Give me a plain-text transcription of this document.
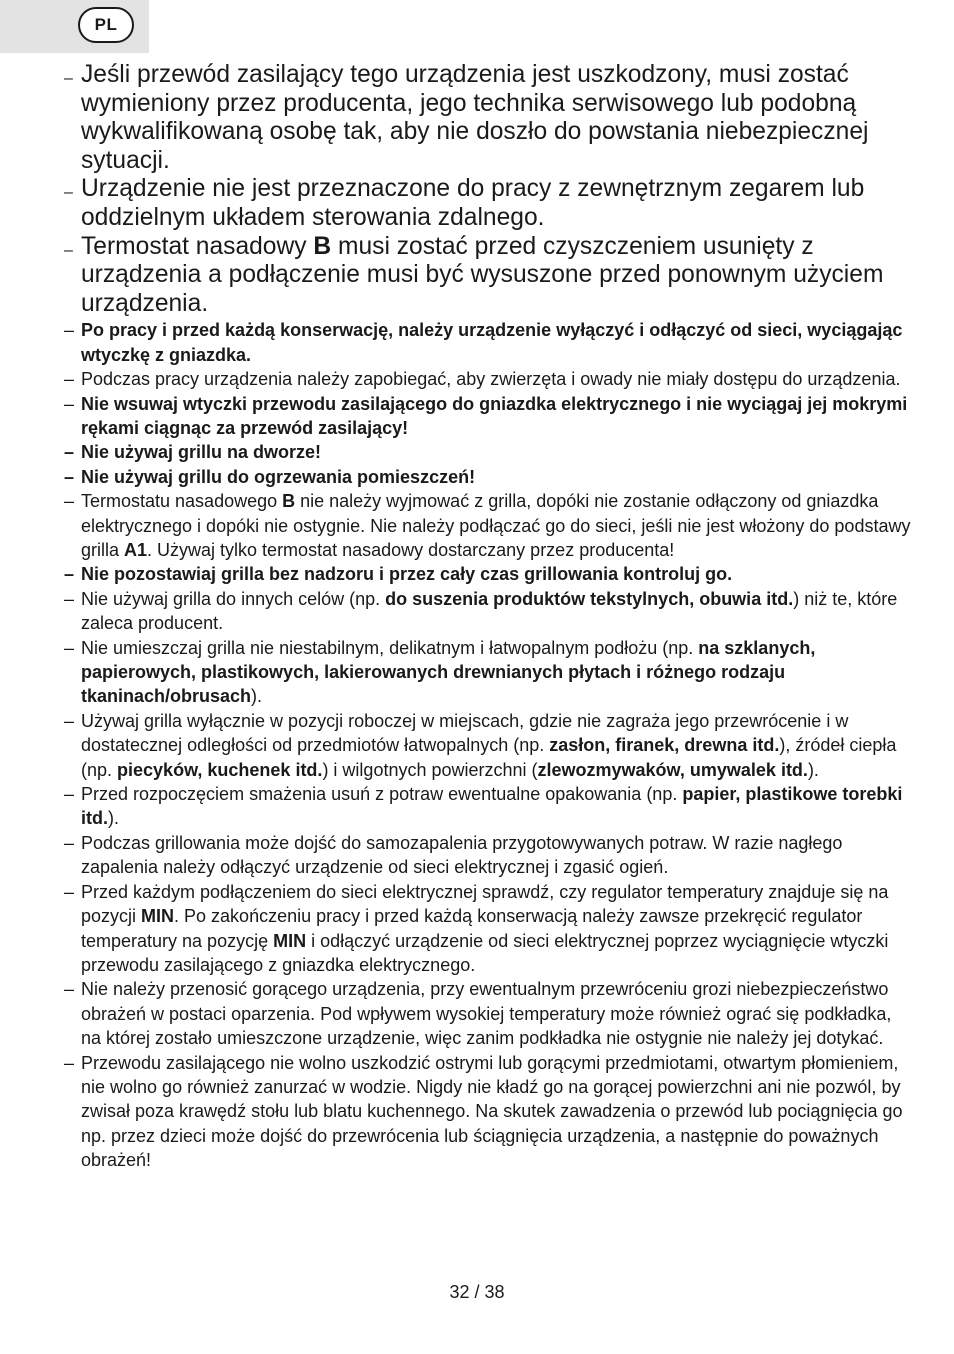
PL
– Jeśli przewód zasilający tego urządzenia jest uszkodzony, musi zostać wymieniony przez producenta, jego technika serwisowego lub podobną wykwalifikowaną osobę tak, aby nie doszło do powstania niebezpiecznej sytuacji.
– Urządzenie nie jest przeznaczone do pracy z zewnętrznym zegarem lub oddzielnym układem sterowania zdalnego.
– Termostat nasadowy B musi zostać przed czyszczeniem usunięty z urządzenia a podłączenie musi być wysuszone przed ponownym użyciem urządzenia.
– Po pracy i przed każdą konserwację, należy urządzenie wyłączyć i odłączyć od sieci, wyciągając wtyczkę z gniazdka.
– Podczas pracy urządzenia należy zapobiegać, aby zwierzęta i owady nie miały dostępu do urządzenia.
– Nie wsuwaj wtyczki przewodu zasilającego do gniazdka elektrycznego i nie wyciągaj jej mokrymi rękami ciągnąc za przewód zasilający!
– Nie używaj grillu na dworze!
– Nie używaj grillu do ogrzewania pomieszczeń!
– Termostatu nasadowego B nie należy wyjmować z grilla, dopóki nie zostanie odłączony od gniazdka elektrycznego i dopóki nie ostygnie. Nie należy podłączać go do sieci, jeśli nie jest włożony do podstawy grilla A1. Używaj tylko termostat nasadowy dostarczany przez producenta!
– Nie pozostawiaj grilla bez nadzoru i przez cały czas grillowania kontroluj go.
– Nie używaj grilla do innych celów (np. do suszenia produktów tekstylnych, obuwia itd.) niż te, które zaleca producent.
– Nie umieszczaj grilla nie niestabilnym, delikatnym i łatwopalnym podłożu (np. na szklanych, papierowych, plastikowych, lakierowanych drewnianych płytach i różnego rodzaju tkaninach/obrusach).
– Używaj grilla wyłącznie w pozycji roboczej w miejscach, gdzie nie zagraża jego przewrócenie i w dostatecznej odległości od przedmiotów łatwopalnych (np. zasłon, firanek, drewna itd.), źródeł ciepła (np. piecyków, kuchenek itd.) i wilgotnych powierzchni (zlewozmywaków, umywalek itd.).
– Przed rozpoczęciem smażenia usuń z potraw ewentualne opakowania (np. papier, plastikowe torebki itd.).
– Podczas grillowania może dojść do samozapalenia przygotowywanych potraw. W razie nagłego zapalenia należy odłączyć urządzenie od sieci elektrycznej i zgasić ogień.
– Przed każdym podłączeniem do sieci elektrycznej sprawdź, czy regulator temperatury znajduje się na pozycji MIN. Po zakończeniu pracy i przed każdą konserwacją należy zawsze przekręcić regulator temperatury na pozycję MIN i odłączyć urządzenie od sieci elektrycznej poprzez wyciągnięcie wtyczki przewodu zasilającego z gniazdka elektrycznego.
– Nie należy przenosić gorącego urządzenia, przy ewentualnym przewróceniu grozi niebezpieczeństwo obrażeń w postaci oparzenia. Pod wpływem wysokiej temperatury może również ograć się podkładka, na której zostało umieszczone urządzenie, więc zanim podkładka nie ostygnie nie należy jej dotykać.
– Przewodu zasilającego nie wolno uszkodzić ostrymi lub gorącymi przedmiotami, otwartym płomieniem, nie wolno go również zanurzać w wodzie. Nigdy nie kładź go na gorącej powierzchni ani nie pozwól, by zwisał poza krawędź stołu lub blatu kuchennego. Na skutek zawadzenia o przewód lub pociągnięcia go np. przez dzieci może dojść do przewrócenia lub ściągnięcia urządzenia, a następnie do poważnych obrażeń!
32 / 38
